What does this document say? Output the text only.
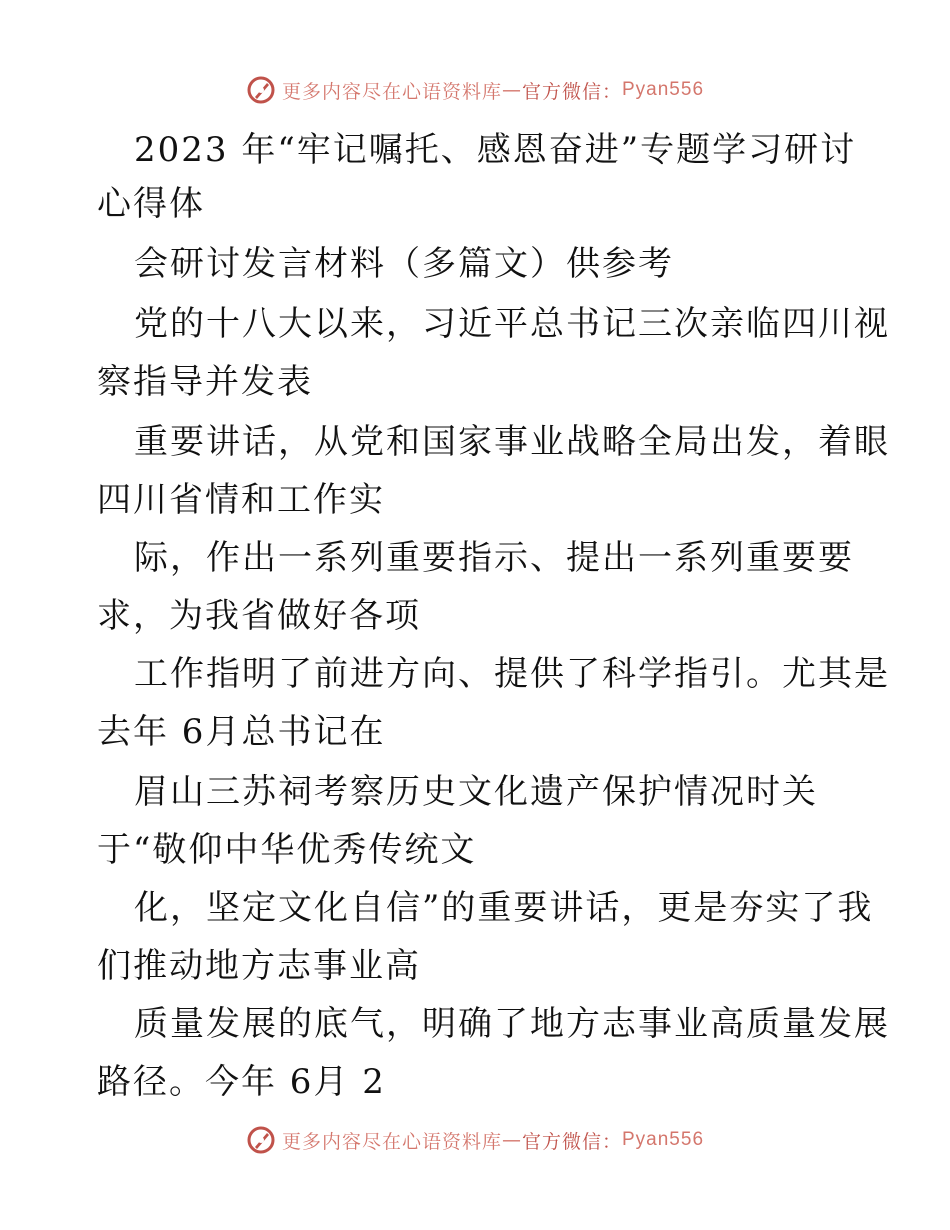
更多内容尽在心语资料库 — 官方微信： Pyan556
2023 年“牢记嘱托、感恩奋进”专题学习研讨
心得体
会研讨发言材料（多篇文）供参考
党的十八大以来，习近平总书记三次亲临四川视
察指导并发表
重要讲话，从党和国家事业战略全局出发，着眼
四川省情和工作实
际，作出一系列重要指示、提出一系列重要要
求，为我省做好各项
工作指明了前进方向、提供了科学指引。尤其是
去年 6月总书记在
眉山三苏祠考察历史文化遗产保护情况时关
于“敬仰中华优秀传统文
化，坚定文化自信”的重要讲话，更是夯实了我
们推动地方志事业高
质量发展的底气，明确了地方志事业高质量发展
路径。今年 6月 2
更多内容尽在心语资料库 — 官方微信： Pyan556
